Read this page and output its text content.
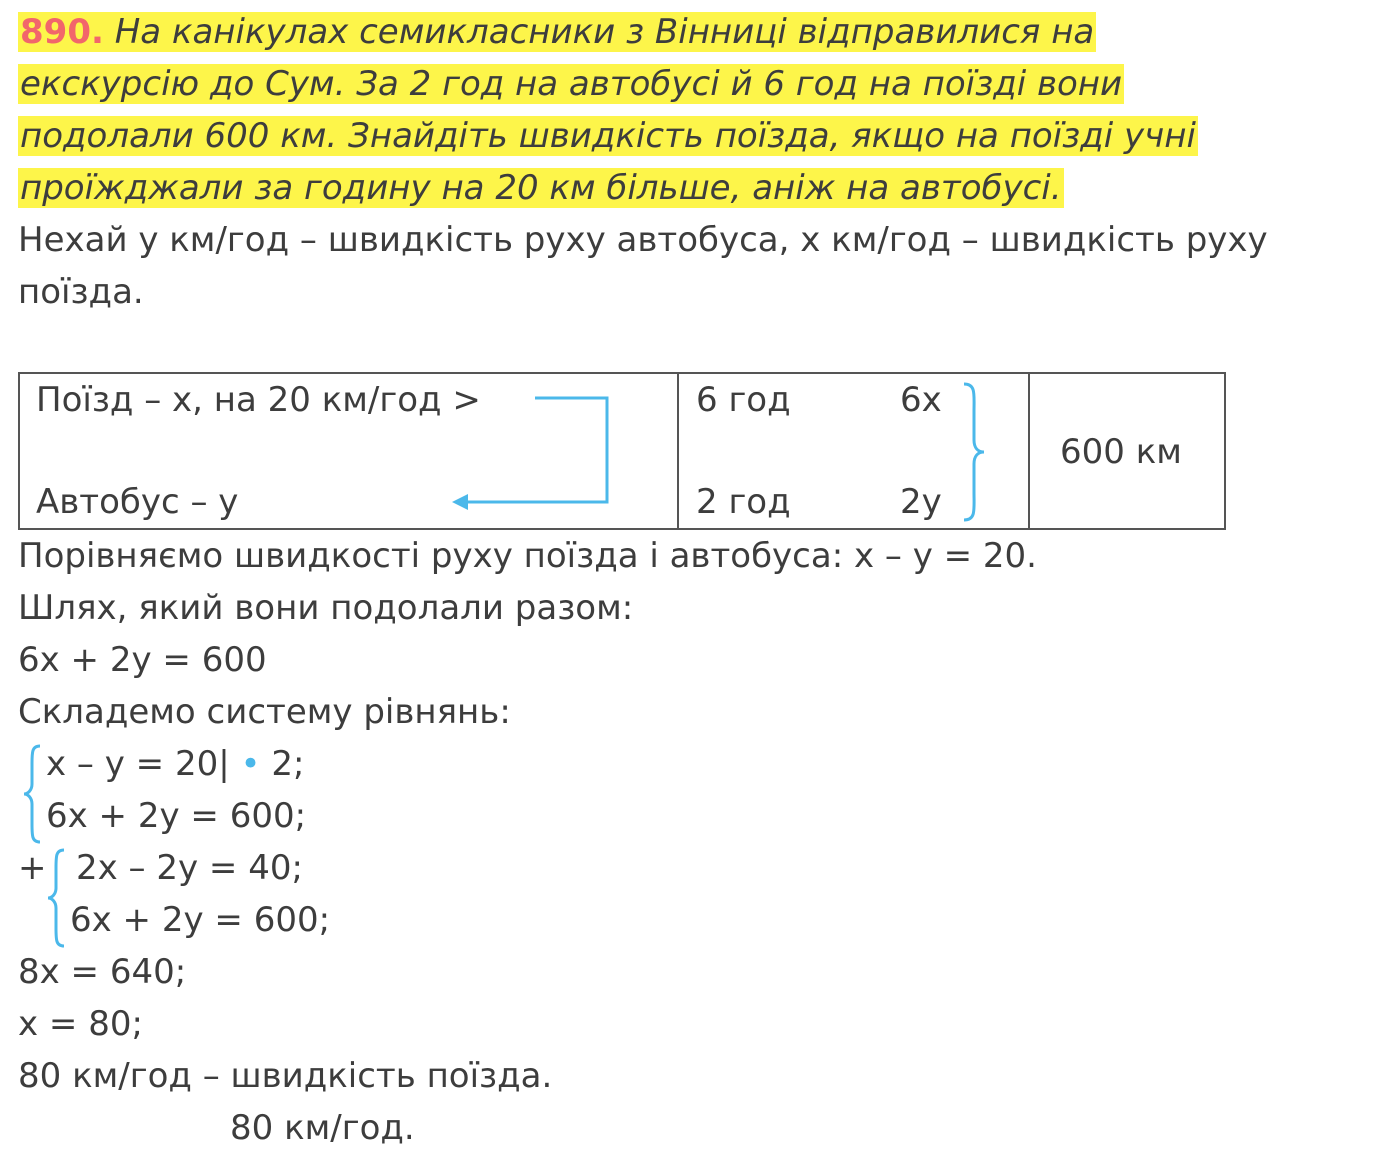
890. На канікулах семикласники з Вінниці відправилися на
екскурсію до Сум. За 2 год на автобусі й 6 год на поїзді вони
подолали 600 км. Знайдіть швидкість поїзда, якщо на поїзді учні
проїжджали за годину на 20 км більше, аніж на автобусі.
Нехай у км/год – швидкість руху автобуса, х км/год – швидкість руху
поїзда.
Поїзд – х, на 20 км/год >
Автобус – у
6 год
2 год
6х
2у
600 км
Порівняємо швидкості руху поїзда і автобуса: х – у = 20.
Шлях, який вони подолали разом:
6х + 2у = 600
Складемо систему рівнянь:
х – у = 20| • 2;
6х + 2у = 600;
+ 2х – 2у = 40;
6х + 2у = 600;
8х = 640;
х = 80;
80 км/год – швидкість поїзда.
80 км/год.
